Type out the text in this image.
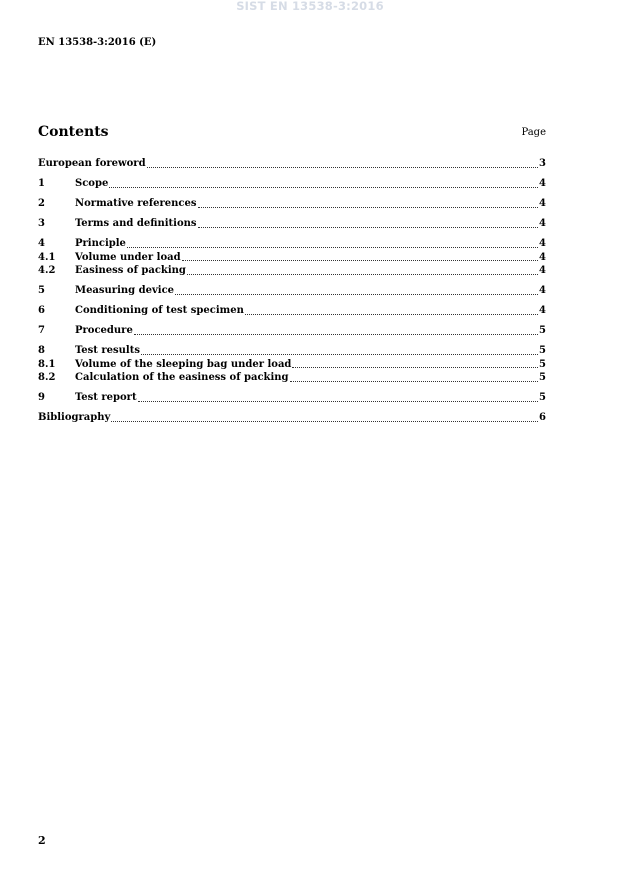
SIST EN 13538-3:2016
EN 13538-3:2016 (E)
Contents	Page
European foreword	3
1	Scope	4
2	Normative references	4
3	Terms and definitions	4
4	Principle	4
4.1	Volume under load	4
4.2	Easiness of packing	4
5	Measuring device	4
6	Conditioning of test specimen	4
7	Procedure	5
8	Test results	5
8.1	Volume of the sleeping bag under load	5
8.2	Calculation of the easiness of packing	5
9	Test report	5
Bibliography	6
2
